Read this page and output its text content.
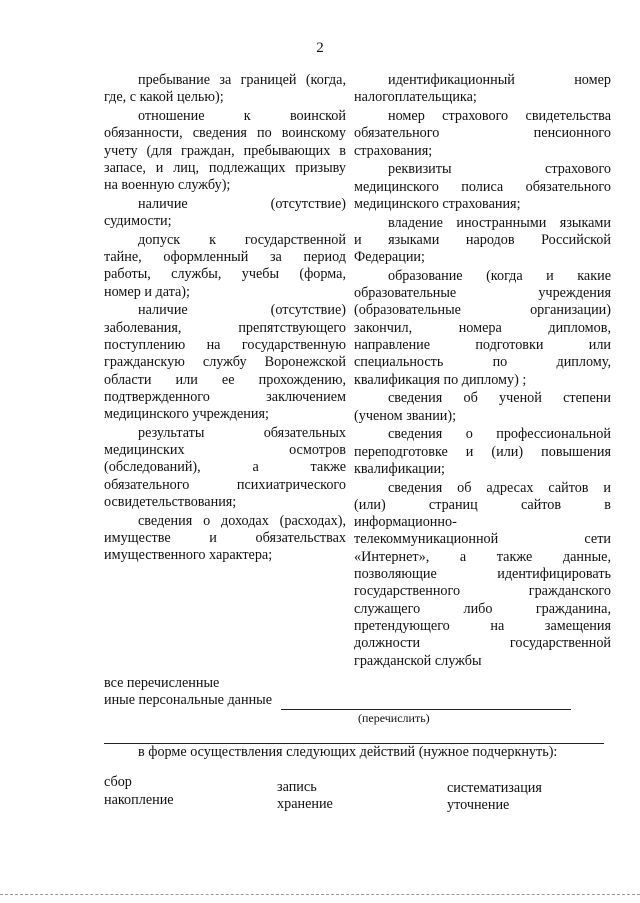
2
пребывание за границей (когда,
где, с какой целью);
отношение к воинской
обязанности, сведения по воинскому
учету (для граждан, пребывающих в
запасе, и лиц, подлежащих призыву
на военную службу);
наличие (отсутствие)
судимости;
допуск к государственной
тайне, оформленный за период
работы, службы, учебы (форма,
номер и дата);
наличие (отсутствие)
заболевания, препятствующего
поступлению на государственную
гражданскую службу Воронежской
области или ее прохождению,
подтвержденного заключением
медицинского учреждения;
результаты обязательных
медицинских осмотров
(обследований), а также
обязательного психиатрического
освидетельствования;
сведения о доходах (расходах),
имуществе и обязательствах
имущественного характера;
идентификационный номер
налогоплательщика;
номер страхового свидетельства
обязательного пенсионного
страхования;
реквизиты страхового
медицинского полиса обязательного
медицинского страхования;
владение иностранными языками
и языками народов Российской
Федерации;
образование (когда и какие
образовательные учреждения
(образовательные организации)
закончил, номера дипломов,
направление подготовки или
специальность по диплому,
квалификация по диплому) ;
сведения об ученой степени
(ученом звании);
сведения о профессиональной
переподготовке и (или) повышения
квалификации;
сведения об адресах сайтов и
(или) страниц сайтов в
информационно-
телекоммуникационной сети
«Интернет», а также данные,
позволяющие идентифицировать
государственного гражданского
служащего либо гражданина,
претендующего на замещения
должности государственной
гражданской службы
все перечисленные
иные персональные данные
(перечислить)
в форме осуществления следующих действий (нужное подчеркнуть):
сбор
накопление
запись
хранение
систематизация
уточнение
